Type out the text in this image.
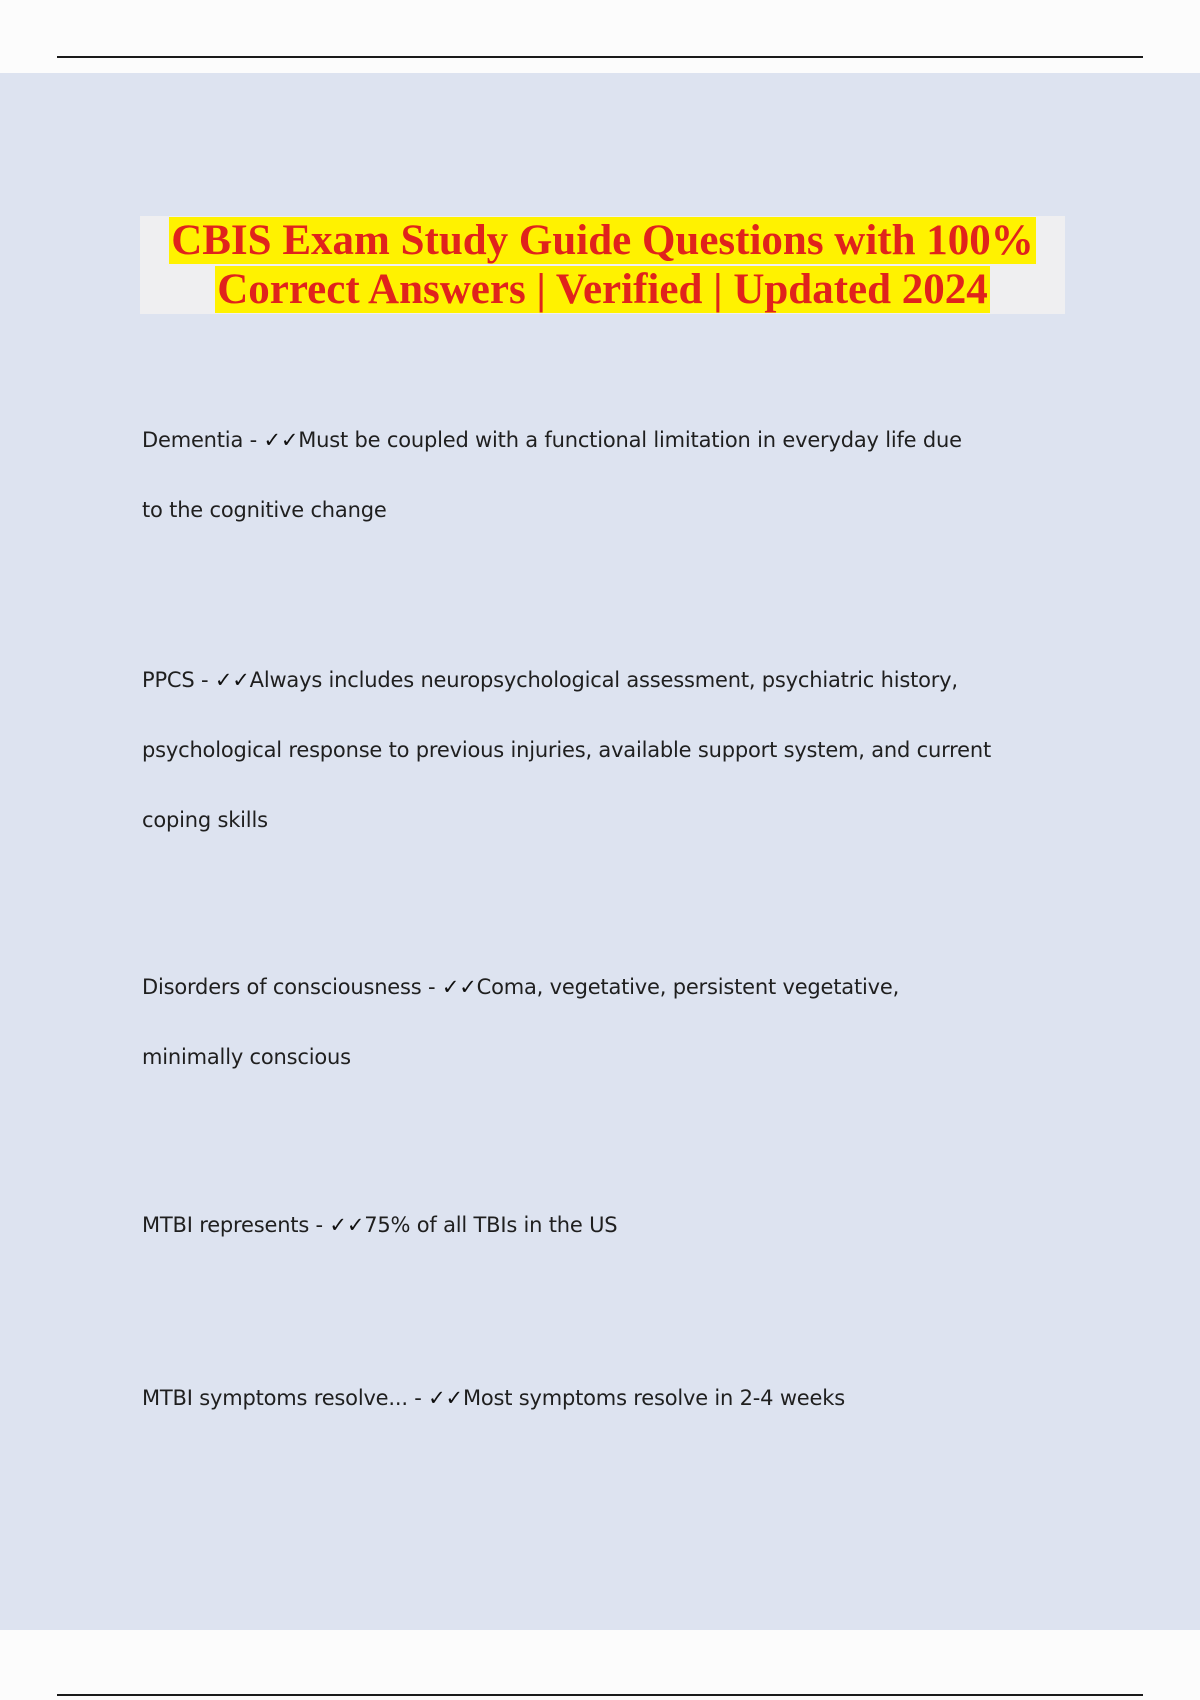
CBIS Exam Study Guide Questions with 100%
Correct Answers | Verified | Updated 2024
Dementia - ✓✓Must be coupled with a functional limitation in everyday life due
to the cognitive change
PPCS - ✓✓Always includes neuropsychological assessment, psychiatric history,
psychological response to previous injuries, available support system, and current
coping skills
Disorders of consciousness - ✓✓Coma, vegetative, persistent vegetative,
minimally conscious
MTBI represents - ✓✓75% of all TBIs in the US
MTBI symptoms resolve... - ✓✓Most symptoms resolve in 2-4 weeks
